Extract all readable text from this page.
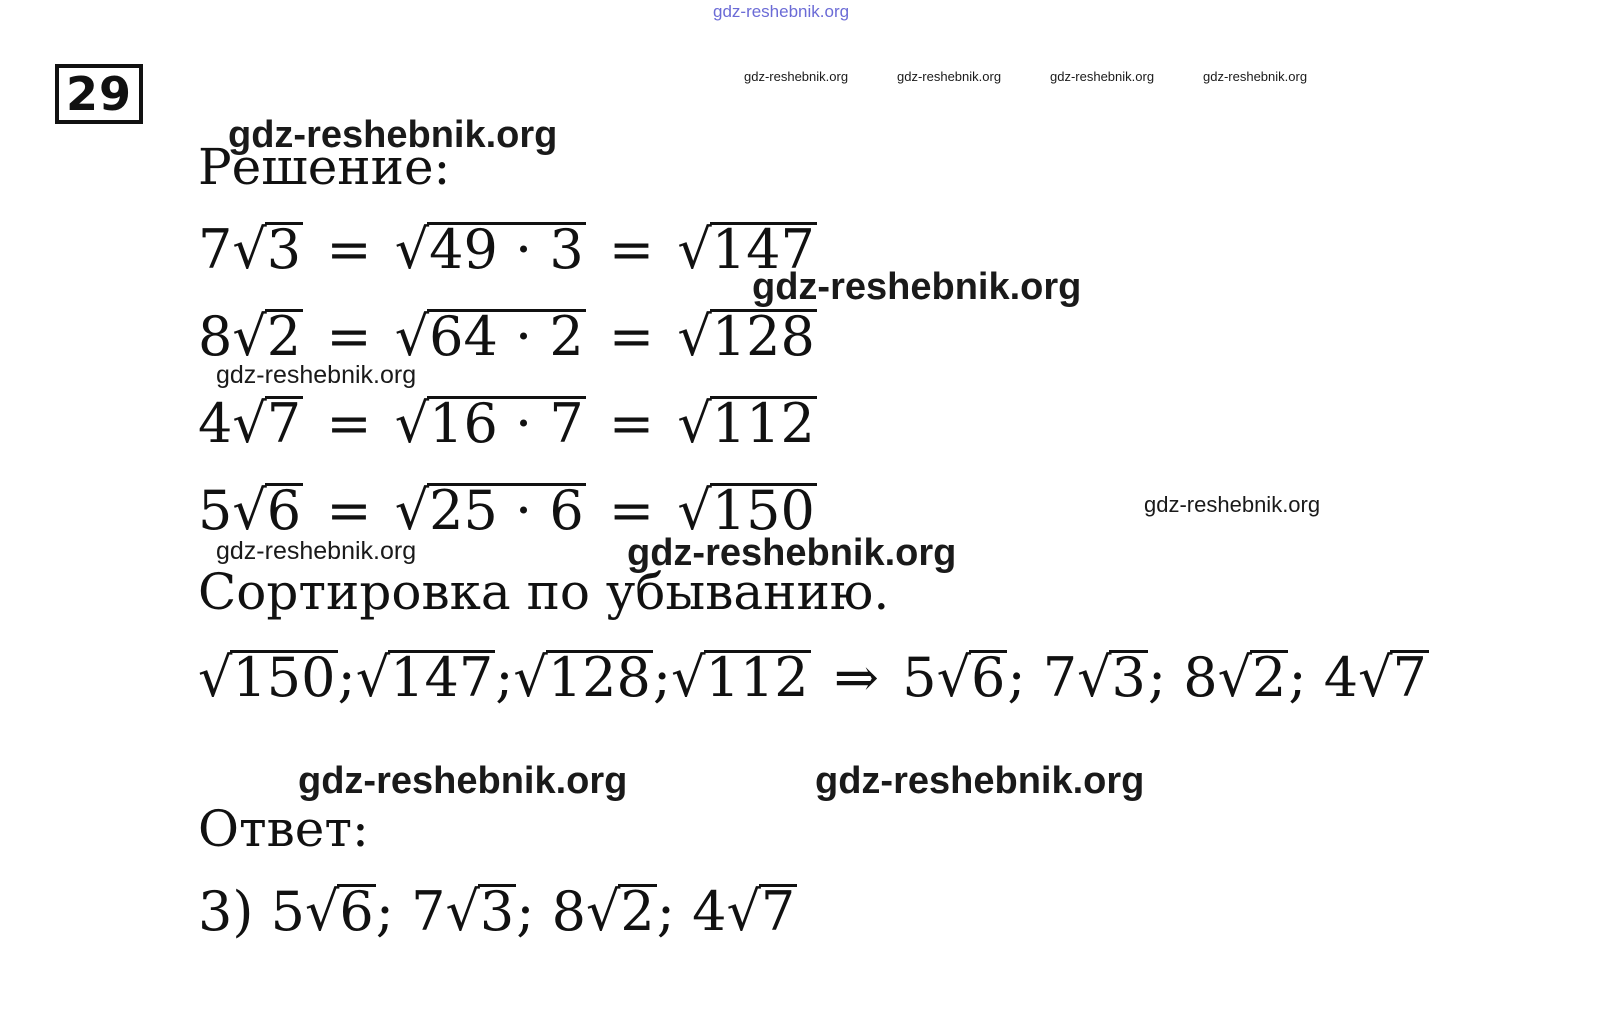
gdz-reshebnik.org
gdz-reshebnik.org	gdz-reshebnik.org	gdz-reshebnik.org	gdz-reshebnik.org
29
gdz-reshebnik.org
Решение:
7√3 = √49 · 3 = √147
gdz-reshebnik.org
8√2 = √64 · 2 = √128
gdz-reshebnik.org
4√7 = √16 · 7 = √112
5√6 = √25 · 6 = √150	gdz-reshebnik.org
gdz-reshebnik.org	gdz-reshebnik.org
Сортировка по убыванию.
√150;√147;√128;√112 ⇒ 5√6; 7√3; 8√2; 4√7
gdz-reshebnik.org	gdz-reshebnik.org
Ответ:
3) 5√6; 7√3; 8√2; 4√7
